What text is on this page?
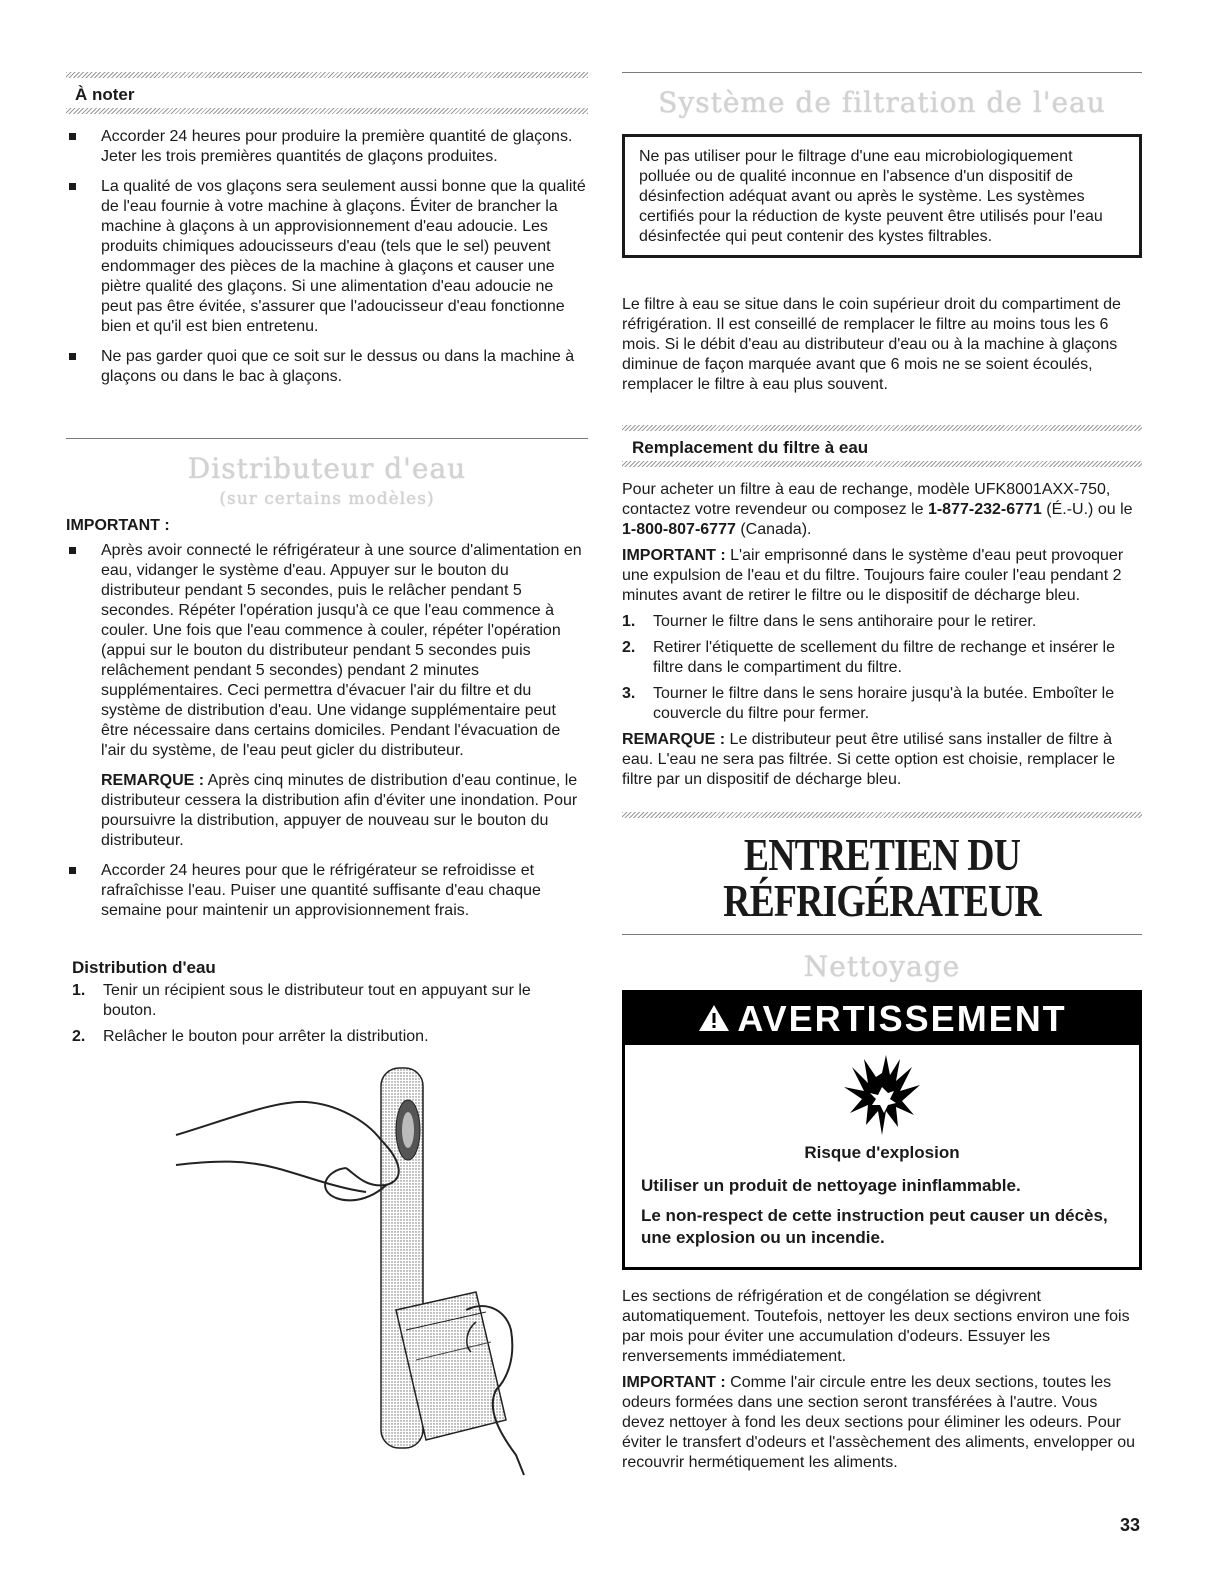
À noter
Accorder 24 heures pour produire la première quantité de glaçons. Jeter les trois premières quantités de glaçons produites.
La qualité de vos glaçons sera seulement aussi bonne que la qualité de l'eau fournie à votre machine à glaçons. Éviter de brancher la machine à glaçons à un approvisionnement d'eau adoucie. Les produits chimiques adoucisseurs d'eau (tels que le sel) peuvent endommager des pièces de la machine à glaçons et causer une piètre qualité des glaçons. Si une alimentation d'eau adoucie ne peut pas être évitée, s'assurer que l'adoucisseur d'eau fonctionne bien et qu'il est bien entretenu.
Ne pas garder quoi que ce soit sur le dessus ou dans la machine à glaçons ou dans le bac à glaçons.
Distributeur d'eau
(sur certains modèles)
IMPORTANT :
Après avoir connecté le réfrigérateur à une source d'alimentation en eau, vidanger le système d'eau. Appuyer sur le bouton du distributeur pendant 5 secondes, puis le relâcher pendant 5 secondes. Répéter l'opération jusqu'à ce que l'eau commence à couler. Une fois que l'eau commence à couler, répéter l'opération (appui sur le bouton du distributeur pendant 5 secondes puis relâchement pendant 5 secondes) pendant 2 minutes supplémentaires. Ceci permettra d'évacuer l'air du filtre et du système de distribution d'eau. Une vidange supplémentaire peut être nécessaire dans certains domiciles. Pendant l'évacuation de l'air du système, de l'eau peut gicler du distributeur.
REMARQUE : Après cinq minutes de distribution d'eau continue, le distributeur cessera la distribution afin d'éviter une inondation. Pour poursuivre la distribution, appuyer de nouveau sur le bouton du distributeur.
Accorder 24 heures pour que le réfrigérateur se refroidisse et rafraîchisse l'eau. Puiser une quantité suffisante d'eau chaque semaine pour maintenir un approvisionnement frais.
Distribution d'eau
1. Tenir un récipient sous le distributeur tout en appuyant sur le bouton.
2. Relâcher le bouton pour arrêter la distribution.
Système de filtration de l'eau
Ne pas utiliser pour le filtrage d'une eau microbiologiquement polluée ou de qualité inconnue en l'absence d'un dispositif de désinfection adéquat avant ou après le système. Les systèmes certifiés pour la réduction de kyste peuvent être utilisés pour l'eau désinfectée qui peut contenir des kystes filtrables.
Le filtre à eau se situe dans le coin supérieur droit du compartiment de réfrigération. Il est conseillé de remplacer le filtre au moins tous les 6 mois. Si le débit d'eau au distributeur d'eau ou à la machine à glaçons diminue de façon marquée avant que 6 mois ne se soient écoulés, remplacer le filtre à eau plus souvent.
Remplacement du filtre à eau

Pour acheter un filtre à eau de rechange, modèle UFK8001AXX-750, contactez votre revendeur ou composez le 1-877-232-6771 (É.-U.) ou le 1-800-807-6777 (Canada).

IMPORTANT : L'air emprisonné dans le système d'eau peut provoquer une expulsion de l'eau et du filtre. Toujours faire couler l'eau pendant 2 minutes avant de retirer le filtre ou le dispositif de décharge bleu.

1. Tourner le filtre dans le sens antihoraire pour le retirer.
2. Retirer l'étiquette de scellement du filtre de rechange et insérer le filtre dans le compartiment du filtre.
3. Tourner le filtre dans le sens horaire jusqu'à la butée. Emboîter le couvercle du filtre pour fermer.

REMARQUE : Le distributeur peut être utilisé sans installer de filtre à eau. L'eau ne sera pas filtrée. Si cette option est choisie, remplacer le filtre par un dispositif de décharge bleu.

ENTRETIEN DU
RÉFRIGÉRATEUR
Nettoyage
AVERTISSEMENT
Risque d'explosion
Utiliser un produit de nettoyage ininflammable.
Le non-respect de cette instruction peut causer un décès, une explosion ou un incendie.

Les sections de réfrigération et de congélation se dégivrent automatiquement. Toutefois, nettoyer les deux sections environ une fois par mois pour éviter une accumulation d'odeurs. Essuyer les renversements immédiatement.

IMPORTANT : Comme l'air circule entre les deux sections, toutes les odeurs formées dans une section seront transférées à l'autre. Vous devez nettoyer à fond les deux sections pour éliminer les odeurs. Pour éviter le transfert d'odeurs et l'assèchement des aliments, envelopper ou recouvrir hermétiquement les aliments.

33
